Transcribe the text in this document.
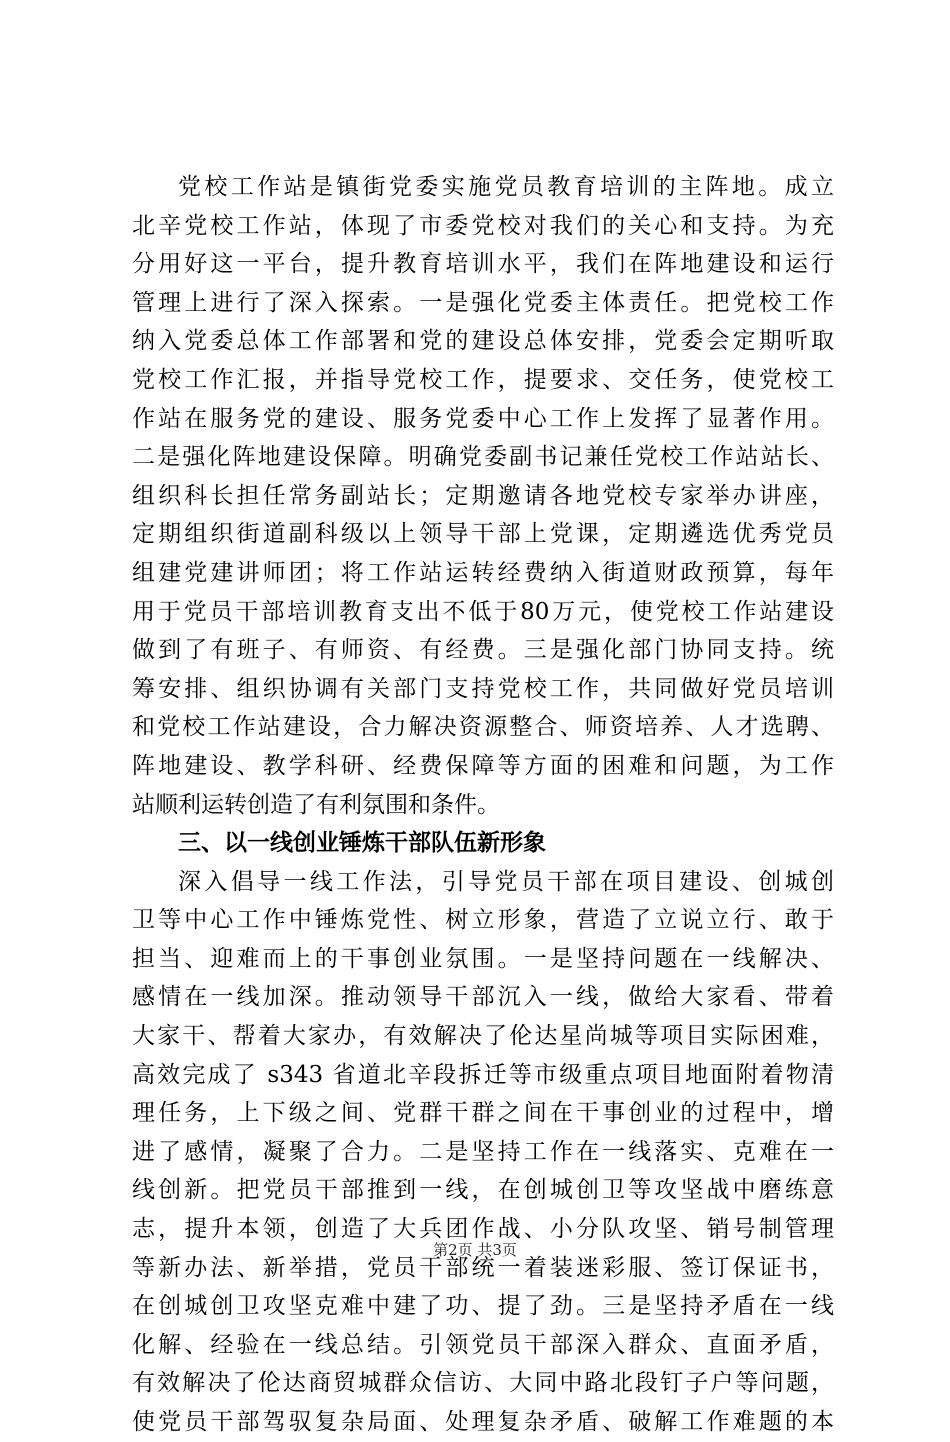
党校工作站是镇街党委实施党员教育培训的主阵地。成立
北辛党校工作站，体现了市委党校对我们的关心和支持。为充
分用好这一平台，提升教育培训水平，我们在阵地建设和运行
管理上进行了深入探索。一是强化党委主体责任。把党校工作
纳入党委总体工作部署和党的建设总体安排，党委会定期听取
党校工作汇报，并指导党校工作，提要求、交任务，使党校工
作站在服务党的建设、服务党委中心工作上发挥了显著作用。
二是强化阵地建设保障。明确党委副书记兼任党校工作站站长、
组织科长担任常务副站长；定期邀请各地党校专家举办讲座，
定期组织街道副科级以上领导干部上党课，定期遴选优秀党员
组建党建讲师团；将工作站运转经费纳入街道财政预算，每年
用于党员干部培训教育支出不低于80万元，使党校工作站建设
做到了有班子、有师资、有经费。三是强化部门协同支持。统
筹安排、组织协调有关部门支持党校工作，共同做好党员培训
和党校工作站建设，合力解决资源整合、师资培养、人才选聘、
阵地建设、教学科研、经费保障等方面的困难和问题，为工作
站顺利运转创造了有利氛围和条件。
三、以一线创业锤炼干部队伍新形象
深入倡导一线工作法，引导党员干部在项目建设、创城创
卫等中心工作中锤炼党性、树立形象，营造了立说立行、敢于
担当、迎难而上的干事创业氛围。一是坚持问题在一线解决、
感情在一线加深。推动领导干部沉入一线，做给大家看、带着
大家干、帮着大家办，有效解决了伦达星尚城等项目实际困难，
高效完成了 s343 省道北辛段拆迁等市级重点项目地面附着物清
理任务，上下级之间、党群干群之间在干事创业的过程中，增
进了感情，凝聚了合力。二是坚持工作在一线落实、克难在一
线创新。把党员干部推到一线，在创城创卫等攻坚战中磨练意
志，提升本领，创造了大兵团作战、小分队攻坚、销号制管理
等新办法、新举措，党员干部统一着装迷彩服、签订保证书，
在创城创卫攻坚克难中建了功、提了劲。三是坚持矛盾在一线
化解、经验在一线总结。引领党员干部深入群众、直面矛盾，
有效解决了伦达商贸城群众信访、大同中路北段钉子户等问题，
使党员干部驾驭复杂局面、处理复杂矛盾、破解工作难题的本
第2页 共3页
